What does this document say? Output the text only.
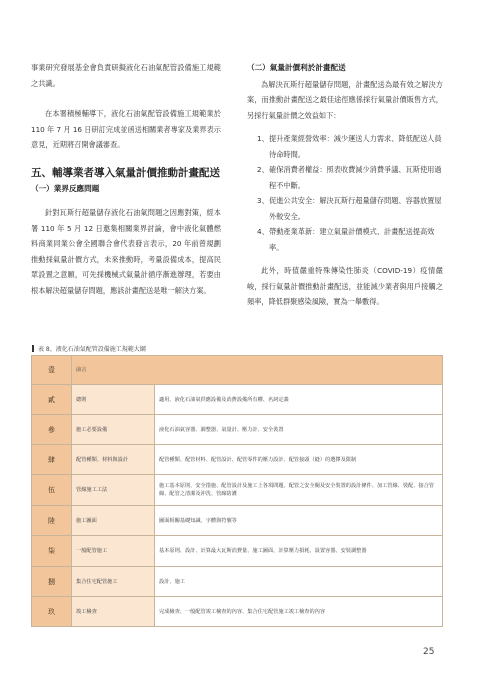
事業研究發展基金會負責研擬液化石油氣配管設備施工規範之共識。

在本署積極輔導下，液化石油氣配管設備施工規範業於 110 年 7 月 16 日研訂完成並函送相關業者專家及業界表示意見，近期將召開會議審查。

五、輔導業者導入氣量計價推動計畫配送
（一）業界反應問題

針對瓦斯行超量儲存液化石油氣問題之因應對策，經本署 110 年 5 月 12 日邀集相關業界討論，會中液化氣體燃料商業同業公會全國聯合會代表發言表示，20 年前曾規劃推動採氣量計價方式，未來推動時，考量設備成本，提高民眾設置之意願，可先採機械式氣量計循序漸進辦理，若要由根本解決超量儲存問題，應該計畫配送是唯一解決方案。

（二）氣量計價利於計畫配送

為解決瓦斯行超量儲存問題，計畫配送為最有效之解決方案，而推動計畫配送之最佳途徑應係採行氣量計價販售方式，另採行氣量計價之效益如下：

1、 提升產業經營效率：減少運送人力需求、降低配送人員待命時間。

2、 確保消費者權益：照表收費減少消費爭議、瓦斯使用過程不中斷。

3、 促進公共安全：解決瓦斯行超量儲存問題、容器放置屋外較安全。

4、 帶動產業革新：建立氣量計價模式、計畫配送提高效率。

此外，時值嚴重特殊傳染性肺炎（COVID-19）疫情嚴峻，採行氣量計價推動計畫配送，並能減少業者與用戶接觸之頻率，降低群聚感染風險，實為一舉數得。

表 8、液化石油氣配管設備施工規範大綱
壹	前言	
貳	總則	適用、液化石油氣供應設備及消費設備所有權、名詞定義
參	施工必要設備	液化石油氣容器、調整器、氣量計、壓力計、安全裝置
肆	配管種類、材料與設計	配管種類、配管材料、配管設計、配管零件的壓力設計、配管接頭（縫）的選擇及限制
伍	管線施工工法	施工基本原則、安全措施、配管設計及施工上各項問題、配管之安全閥及安全裝置的設計條件、加工管線、裝配、接合管線、配管之清潔及沖洗、管線防護
陸	施工圖面	圖面相關基礎知識、字體與符號等
柒	一般配管施工	基本原則、設計、計算最大瓦斯消費量、施工圖面、計算壓力損耗、設置容器、安裝調整器
捌	集合住宅配管施工	設計、施工
玖	竣工檢查	完成檢查、一般配管竣工檢查的內容、集合住宅配管施工竣工檢查的內容
25
